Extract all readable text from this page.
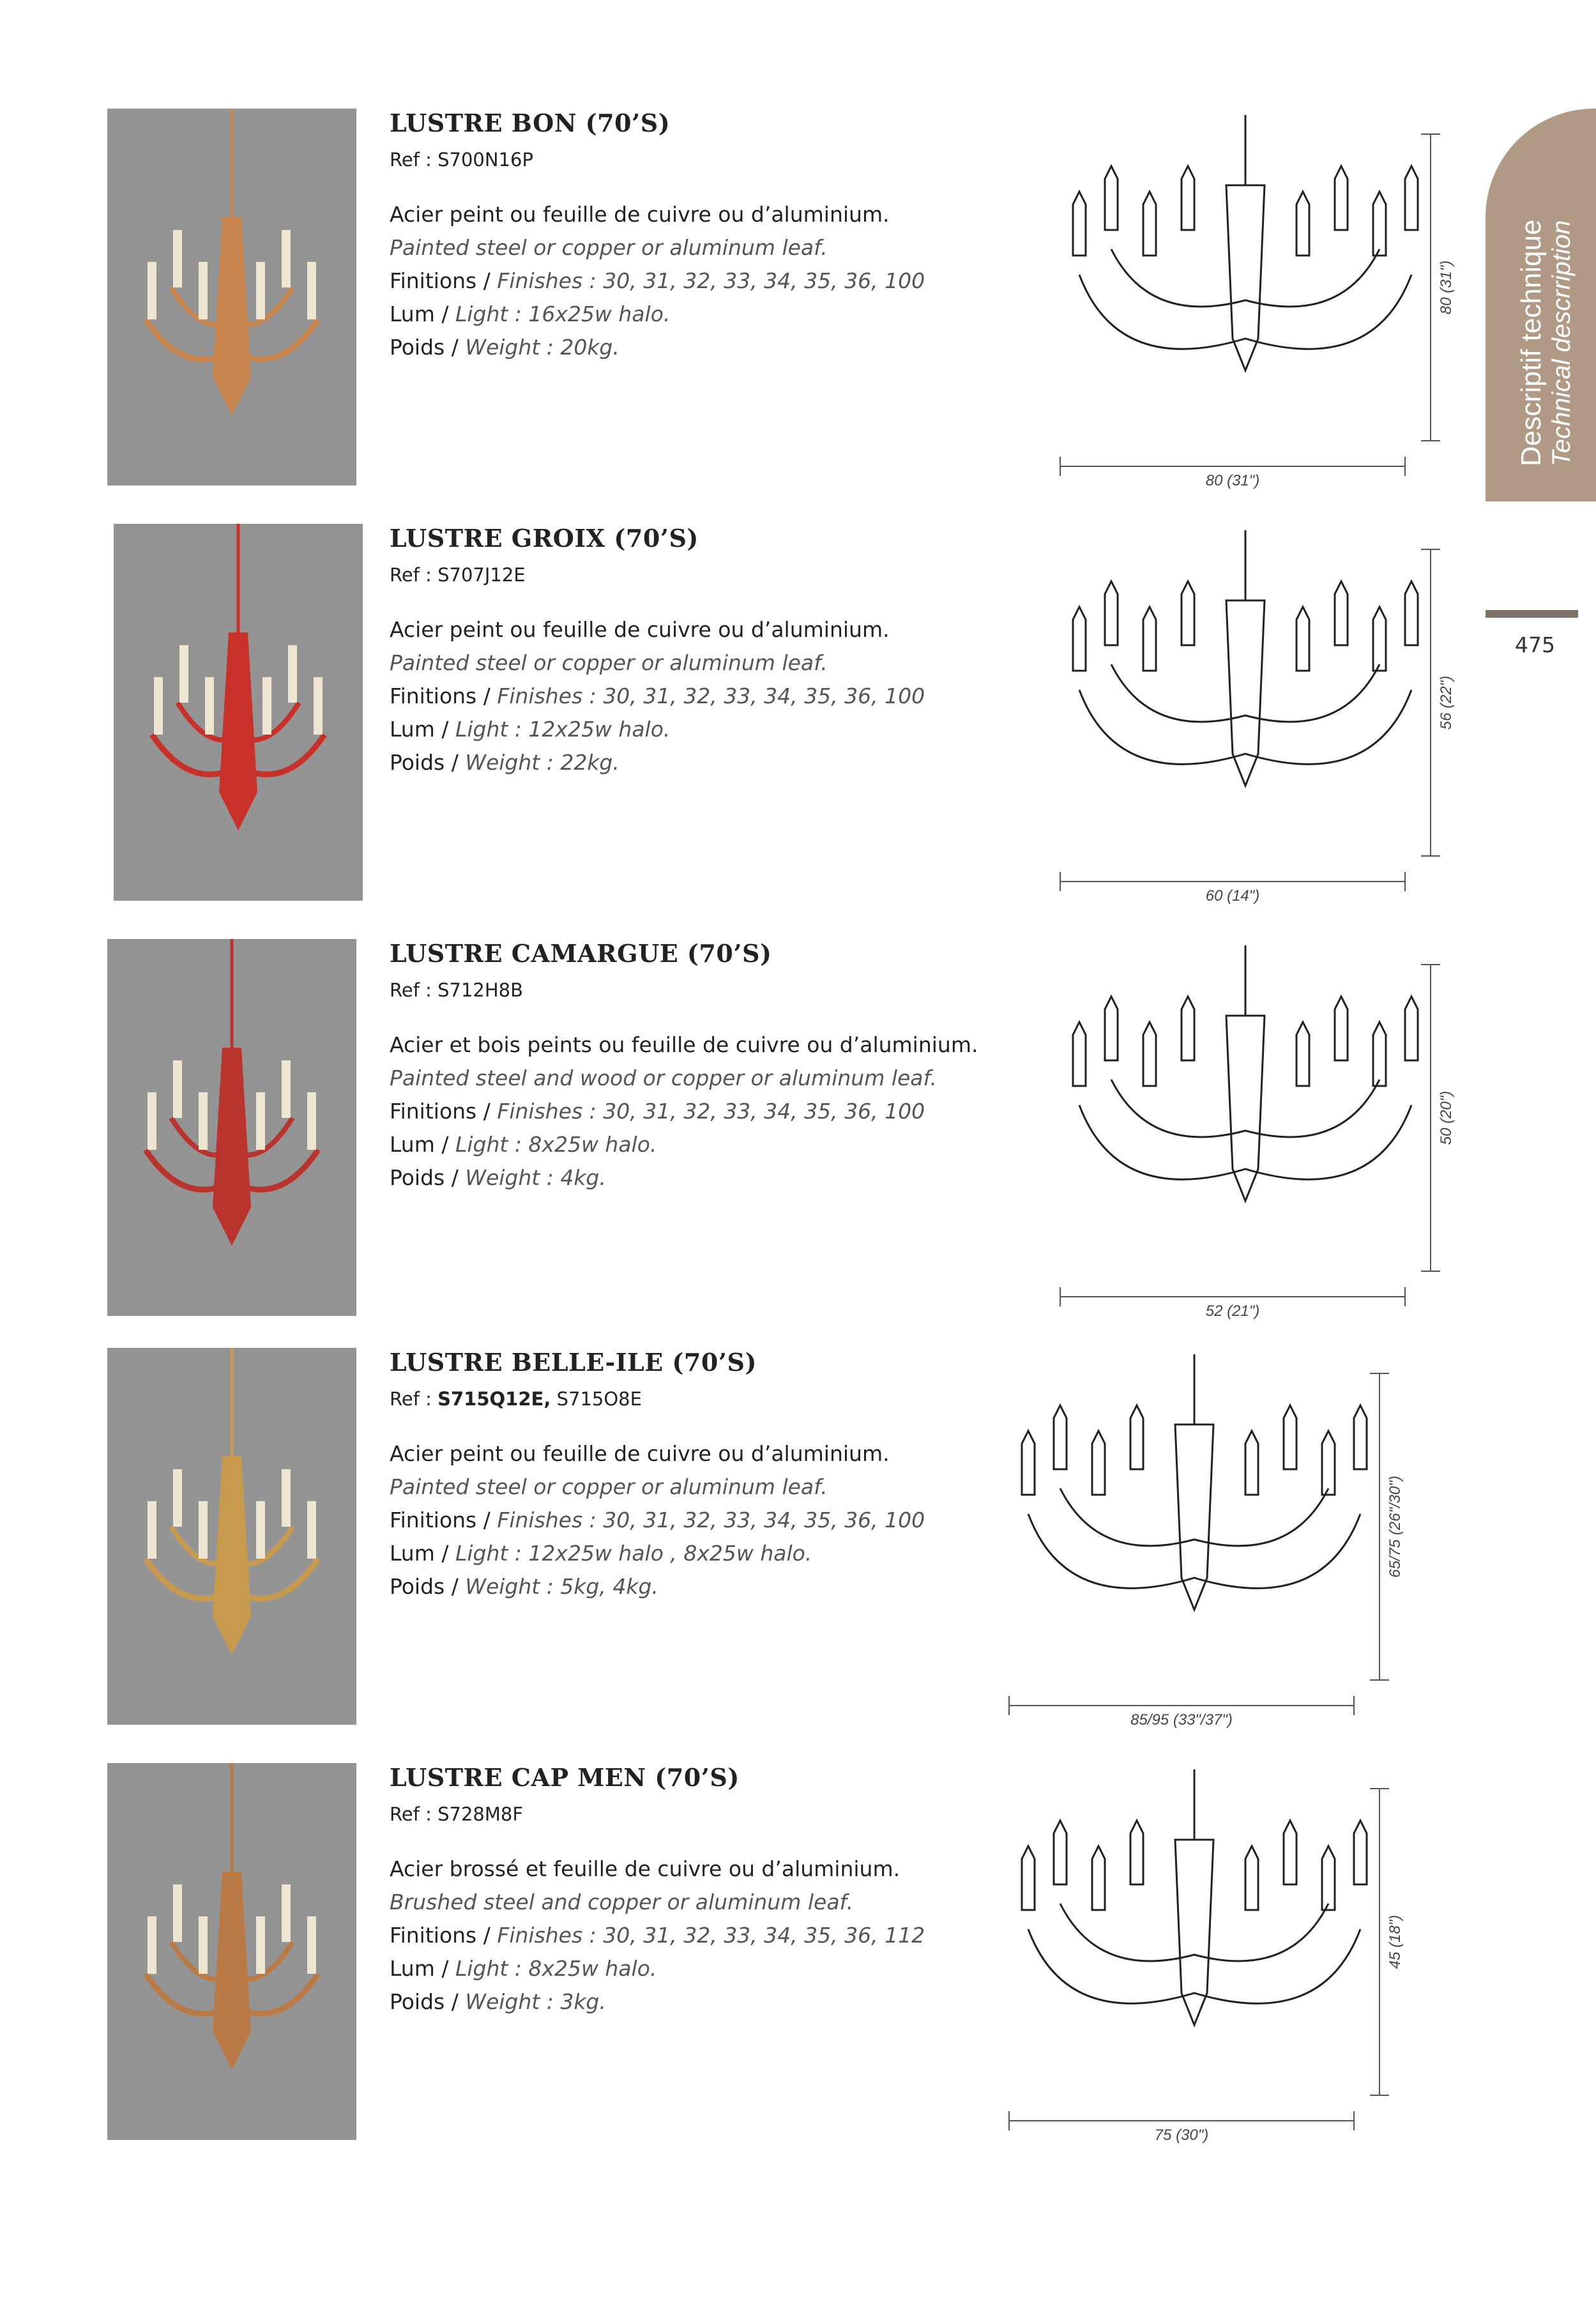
Descriptif technique Technical descrription
475
LUSTRE BON (70’S)
Ref : S700N16P
Acier peint ou feuille de cuivre ou d’aluminium.
Painted steel or copper or aluminum leaf.
Finitions / Finishes : 30, 31, 32, 33, 34, 35, 36, 100
Lum / Light : 16x25w halo.
Poids / Weight : 20kg.
80 (31")
80 (31")
LUSTRE GROIX (70’S)
Ref : S707J12E
Acier peint ou feuille de cuivre ou d’aluminium.
Painted steel or copper or aluminum leaf.
Finitions / Finishes : 30, 31, 32, 33, 34, 35, 36, 100
Lum / Light : 12x25w halo.
Poids / Weight : 22kg.
56 (22")
60 (14")
LUSTRE CAMARGUE (70’S)
Ref : S712H8B
Acier et bois peints ou feuille de cuivre ou d’aluminium.
Painted steel and wood or copper or aluminum leaf.
Finitions / Finishes : 30, 31, 32, 33, 34, 35, 36, 100
Lum / Light : 8x25w halo.
Poids / Weight : 4kg.
50 (20")
52 (21")
LUSTRE BELLE-ILE (70’S)
Ref : S715Q12E, S715O8E
Acier peint ou feuille de cuivre ou d’aluminium.
Painted steel or copper or aluminum leaf.
Finitions / Finishes : 30, 31, 32, 33, 34, 35, 36, 100
Lum / Light : 12x25w halo , 8x25w halo.
Poids / Weight : 5kg, 4kg.
65/75 (26"/30")
85/95 (33"/37")
LUSTRE CAP MEN (70’S)
Ref : S728M8F
Acier brossé et feuille de cuivre ou d’aluminium.
Brushed steel and copper or aluminum leaf.
Finitions / Finishes : 30, 31, 32, 33, 34, 35, 36, 112
Lum / Light : 8x25w halo.
Poids / Weight : 3kg.
45 (18")
75 (30")
